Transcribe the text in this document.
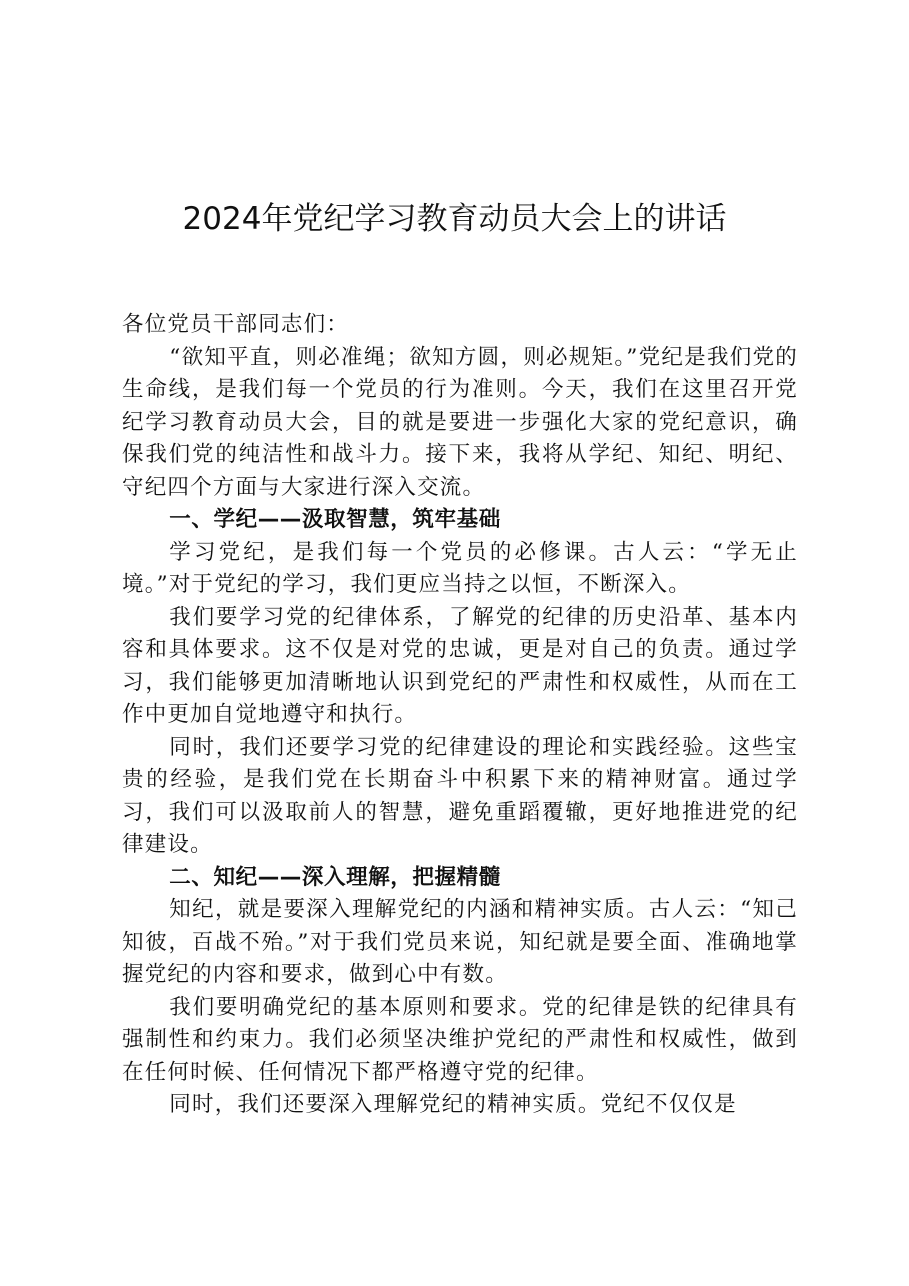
2024年党纪学习教育动员大会上的讲话

各位党员干部同志们：

“欲知平直，则必准绳；欲知方圆，则必规矩。”党纪是我们党的生命线，是我们每一个党员的行为准则。今天，我们在这里召开党纪学习教育动员大会，目的就是要进一步强化大家的党纪意识，确保我们党的纯洁性和战斗力。接下来，我将从学纪、知纪、明纪、守纪四个方面与大家进行深入交流。

一、学纪——汲取智慧，筑牢基础

学习党纪，是我们每一个党员的必修课。古人云：“学无止境。”对于党纪的学习，我们更应当持之以恒，不断深入。

我们要学习党的纪律体系，了解党的纪律的历史沿革、基本内容和具体要求。这不仅是对党的忠诚，更是对自己的负责。通过学习，我们能够更加清晰地认识到党纪的严肃性和权威性，从而在工作中更加自觉地遵守和执行。

同时，我们还要学习党的纪律建设的理论和实践经验。这些宝贵的经验，是我们党在长期奋斗中积累下来的精神财富。通过学习，我们可以汲取前人的智慧，避免重蹈覆辙，更好地推进党的纪律建设。

二、知纪——深入理解，把握精髓

知纪，就是要深入理解党纪的内涵和精神实质。古人云：“知己知彼，百战不殆。”对于我们党员来说，知纪就是要全面、准确地掌握党纪的内容和要求，做到心中有数。

我们要明确党纪的基本原则和要求。党的纪律是铁的纪律具有强制性和约束力。我们必须坚决维护党纪的严肃性和权威性，做到在任何时候、任何情况下都严格遵守党的纪律。

同时，我们还要深入理解党纪的精神实质。党纪不仅仅是
